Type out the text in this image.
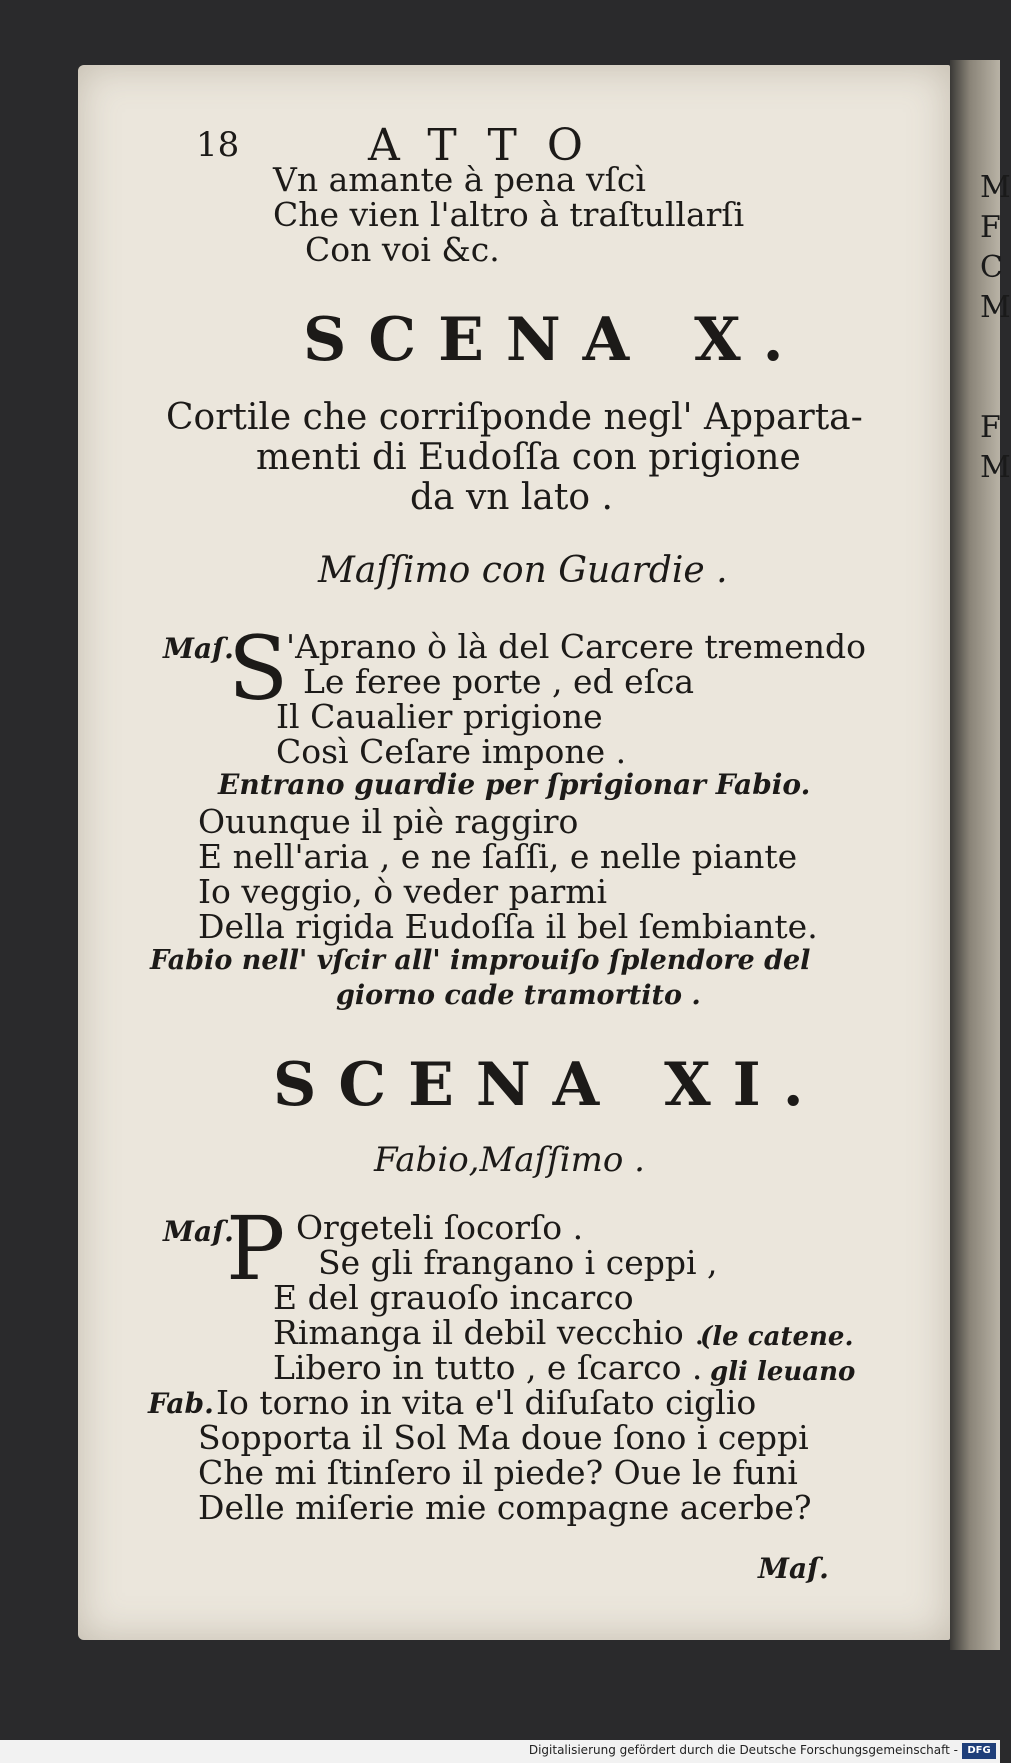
M
F
C
M
F
M
18	ATTO
Vn amante à pena vſcì
Che vien l'altro à traſtullarſi
Con voi &c.
SCENA X.
Cortile che corriſponde negl' Apparta-
menti di Eudoſſa con prigione
da vn lato .
Maſſimo con Guardie .
Maſ.
S
'Aprano ò là del Carcere tremendo
Le feree porte , ed eſca
Il Caualier prigione
Così Ceſare impone .
Entrano guardie per ſprigionar Fabio.
Ouunque il piè raggiro
E nell'aria , e ne ſaſſi, e nelle piante
Io veggio, ò veder parmi
Della rigida Eudoſſa il bel ſembiante.
Fabio nell' vſcir all' improuiſo ſplendore del
giorno cade tramortito .
SCENA XI.
Fabio,Maſſimo .
Maſ.
P Orgeteli ſocorſo .
Se gli frangano i ceppi ,
E del grauoſo incarco
Rimanga il debil vecchio .
Libero in tutto , e ſcarco .
(le catene.
gli leuano
Fab. Io torno in vita e'l diſuſato ciglio
Sopporta il Sol Ma doue ſono i ceppi
Che mi ſtinſero il piede? Oue le funi
Delle miſerie mie compagne acerbe?
Maſ.
Digitalisierung gefördert durch die Deutsche Forschungsgemeinschaft - DFG
